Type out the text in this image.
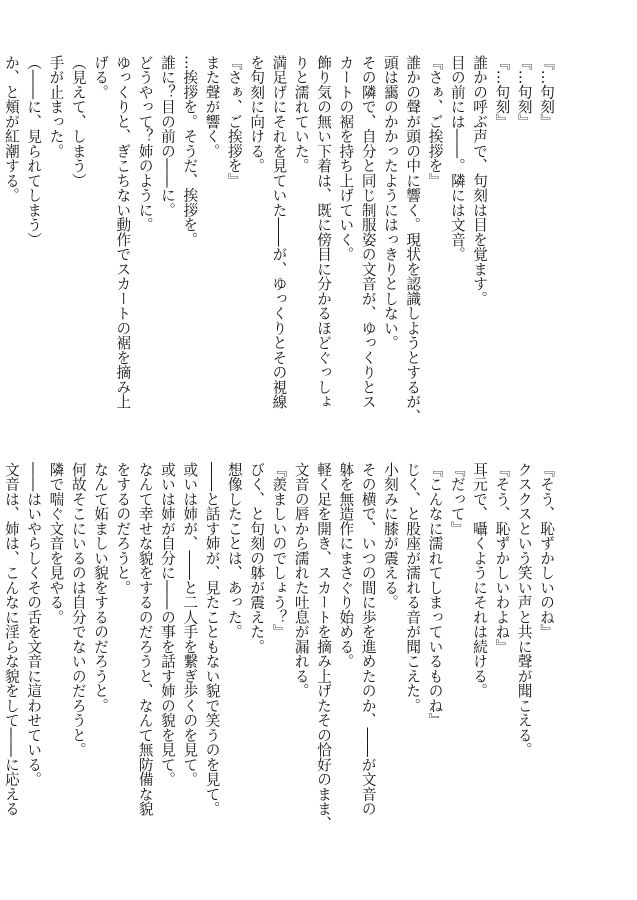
『…句刻』
『…句刻』
『…句刻』
誰かの呼ぶ声で、句刻は目を覚ます。
目の前には――。隣には文音。
『さぁ、ご挨拶を』
誰かの聲が頭の中に響く。現状を認識しようとするが、
頭は靄のかかったようにはっきりとしない。
その隣で、自分と同じ制服姿の文音が、ゆっくりとス
カートの裾を持ち上げていく。
飾り気の無い下着は、既に傍目に分かるほどぐっしょ
りと濡れていた。
満足げにそれを見ていた――が、ゆっくりとその視線
を句刻に向ける。
『さぁ、ご挨拶を』
また聲が響く。
…挨拶を。そうだ、挨拶を。
誰に？目の前の――に。
どうやって？姉のように。
ゆっくりと、ぎこちない動作でスカートの裾を摘み上
げる。
（見えて、しまう）
手が止まった。
（――に、見られてしまう）
か、と頬が紅潮する。
『そう、恥ずかしいのね』
クスクスという笑い声と共に聲が聞こえる。
『そう、恥ずかしいわよね』
耳元で、囁くようにそれは続ける。
『だって』
『こんなに濡れてしまっているものね』
じく、と股座が濡れる音が聞こえた。
小刻みに膝が震える。
その横で、いつの間に歩を進めたのか、――が文音の
躰を無造作にまさぐり始める。
軽く足を開き、スカートを摘み上げたその恰好のまま、
文音の唇から濡れた吐息が漏れる。
『羨ましいのでしょう？』
びく、と句刻の躰が震えた。
想像したことは、あった。
――と話す姉が、見たこともない貌で笑うのを見て。
或いは姉が、――と二人手を繋ぎ歩くのを見て。
或いは姉が自分に――の事を話す姉の貌を見て。
なんて幸せな貌をするのだろうと、なんて無防備な貌
をするのだろうと。
なんて妬ましい貌をするのだろうと。
何故そこにいるのは自分でないのだろうと。
隣で喘ぐ文音を見やる。
――はいやらしくその舌を文音に這わせている。
文音は、姉は、こんなに淫らな貌をして――に応える
